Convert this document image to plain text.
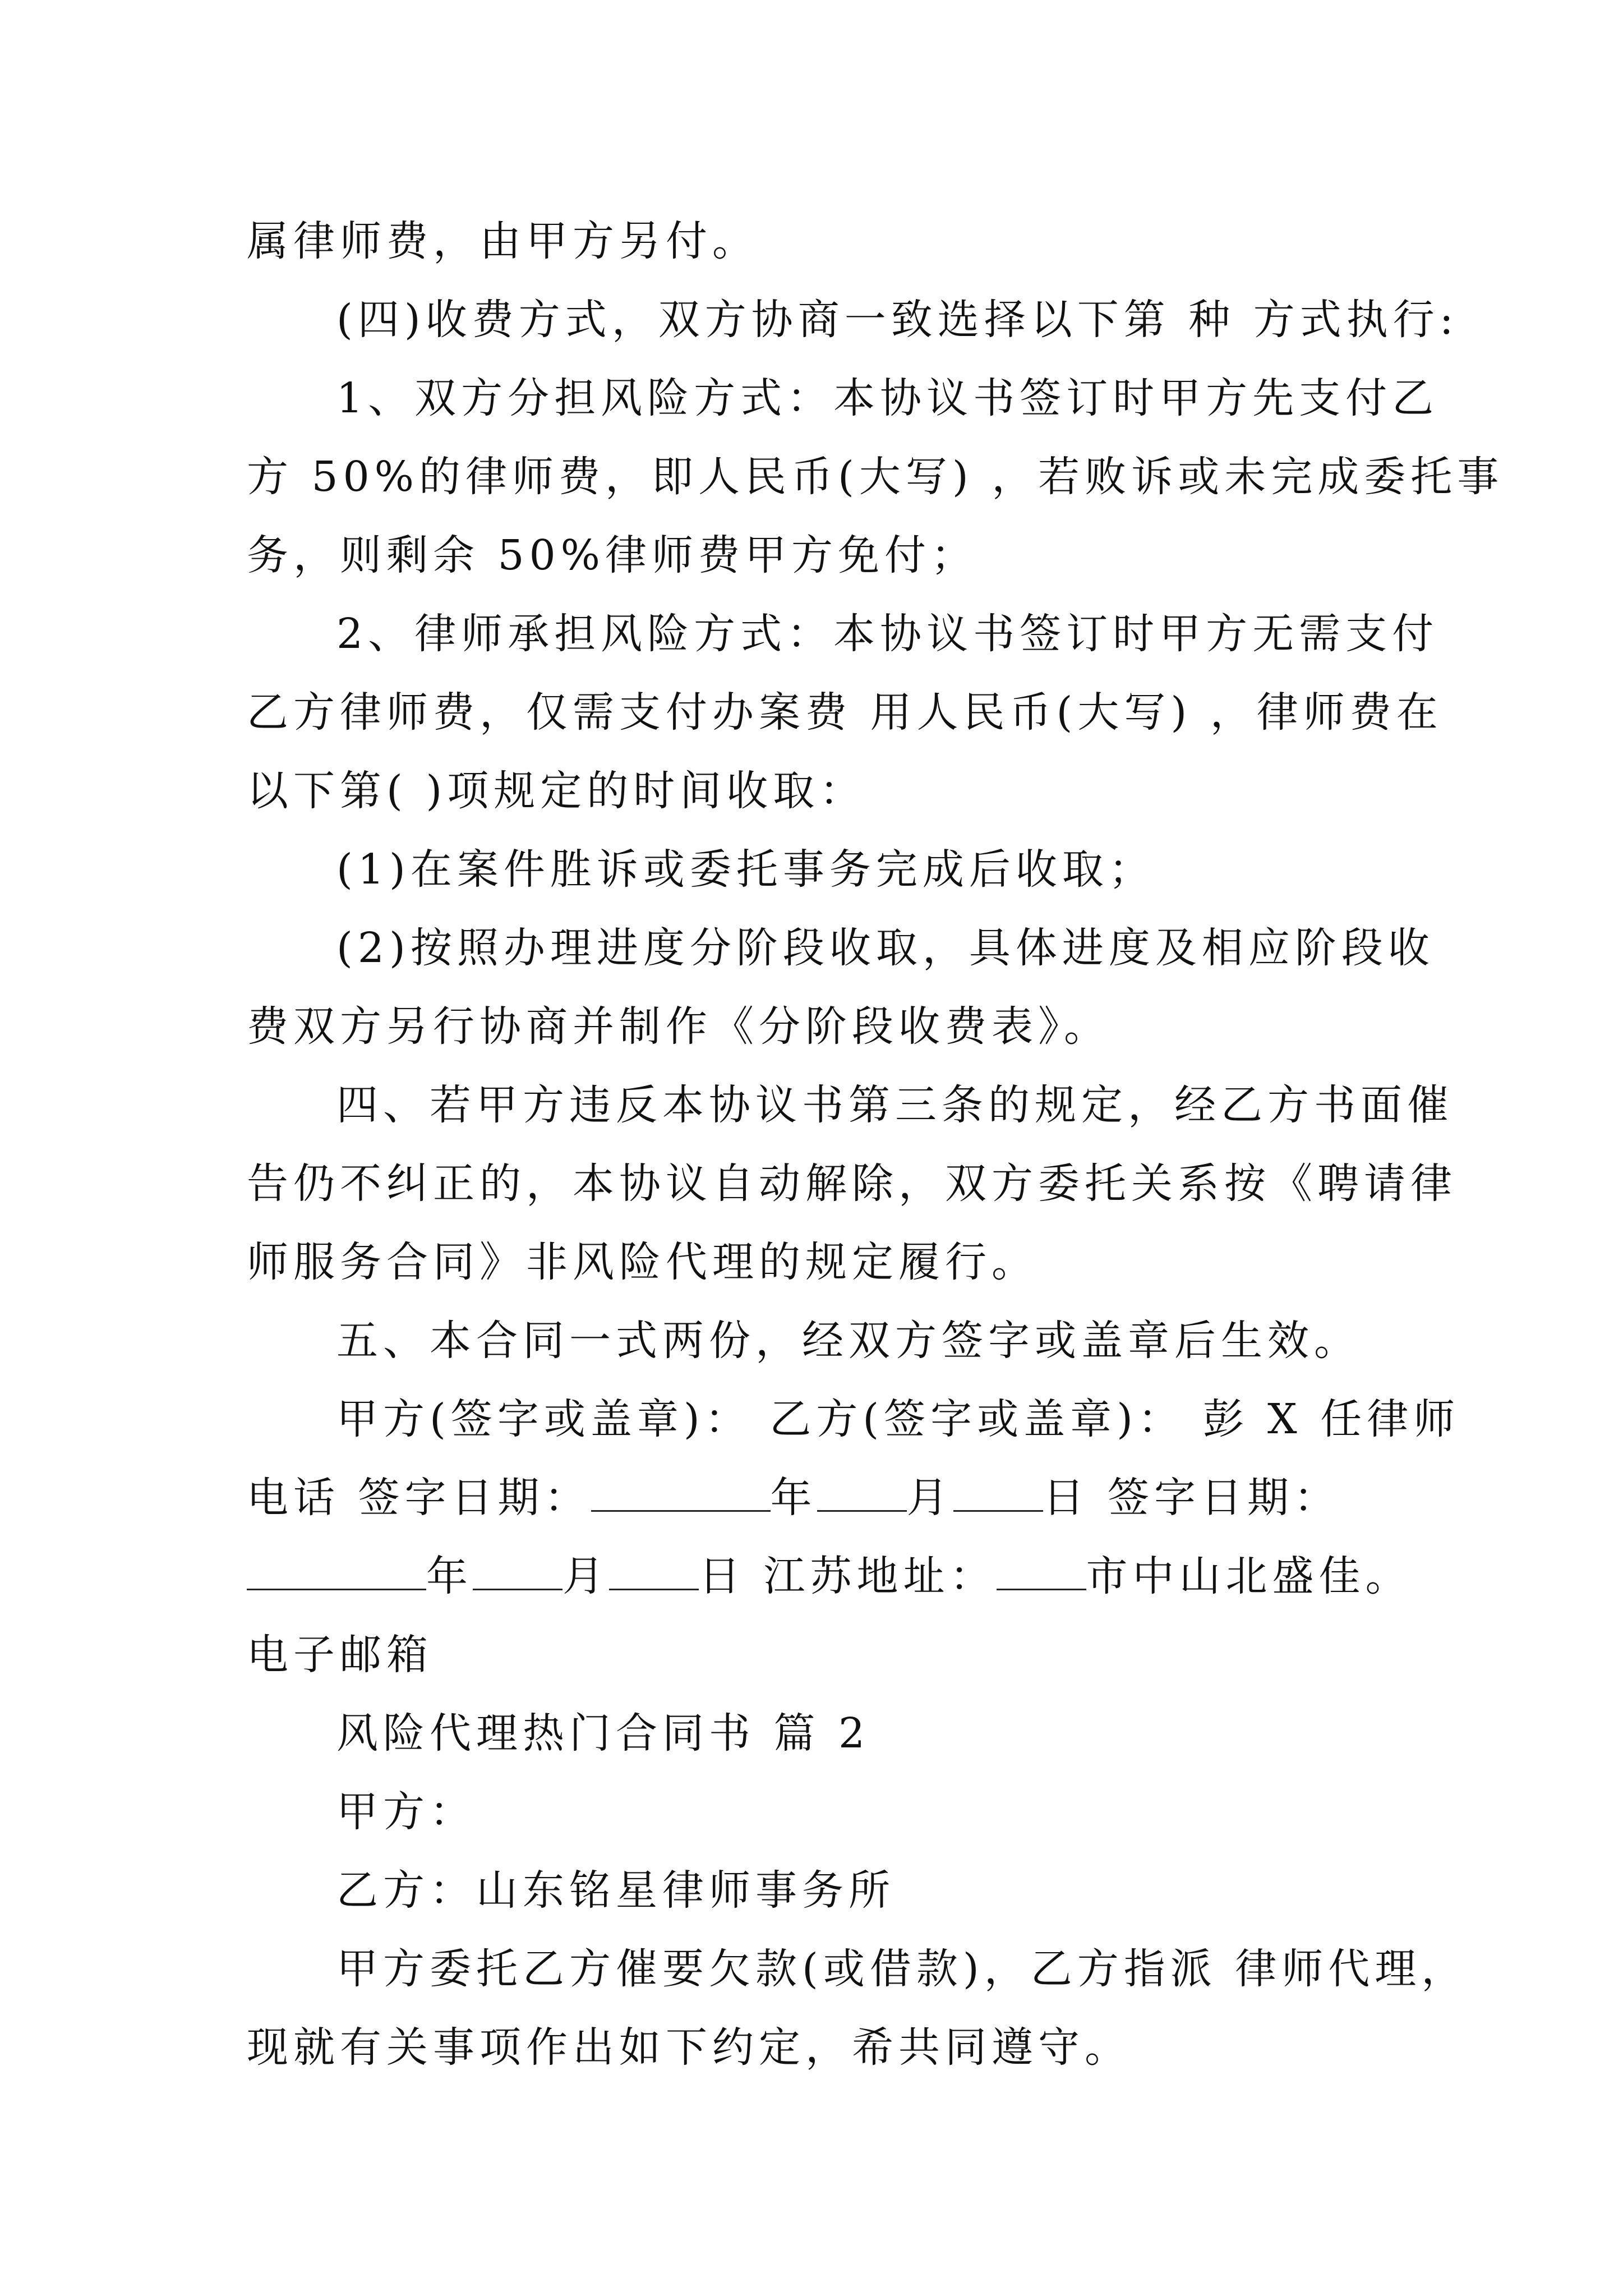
属律师费，由甲方另付。
(四)收费方式，双方协商一致选择以下第 种 方式执行:
1、双方分担风险方式：本协议书签订时甲方先支付乙
方 50%的律师费，即人民币(大写) ，若败诉或未完成委托事
务，则剩余 50%律师费甲方免付；
2、律师承担风险方式：本协议书签订时甲方无需支付
乙方律师费，仅需支付办案费 用人民币(大写) ，律师费在
以下第( )项规定的时间收取：
(1)在案件胜诉或委托事务完成后收取；
(2)按照办理进度分阶段收取，具体进度及相应阶段收
费双方另行协商并制作《分阶段收费表》。
四、若甲方违反本协议书第三条的规定，经乙方书面催
告仍不纠正的，本协议自动解除，双方委托关系按《聘请律
师服务合同》非风险代理的规定履行。
五、本合同一式两份，经双方签字或盖章后生效。
甲方(签字或盖章)： 乙方(签字或盖章)： 彭 X 任律师
电话 签字日期：	年 月 日 签字日期：
年 月 日 江苏地址： 市中山北盛佳。
电子邮箱
风险代理热门合同书 篇 2
甲方：
乙方：山东铭星律师事务所
甲方委托乙方催要欠款(或借款)，乙方指派 律师代理，
现就有关事项作出如下约定，希共同遵守。
